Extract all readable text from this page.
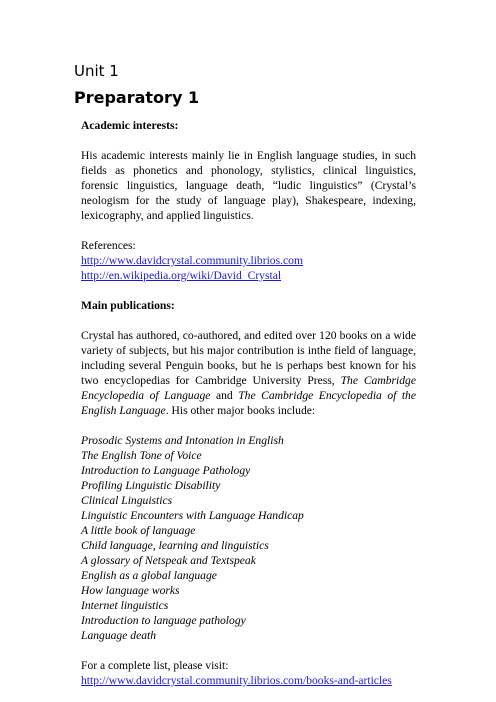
Unit 1
Preparatory 1
Academic interests:

His academic interests mainly lie in English language studies, in such fields as phonetics and phonology, stylistics, clinical linguistics, forensic linguistics, language death, “ludic linguistics” (Crystal’s neologism for the study of language play), Shakespeare, indexing, lexicography, and applied linguistics.

References:
http://www.davidcrystal.community.librios.com
http://en.wikipedia.org/wiki/David_Crystal
Main publications:

Crystal has authored, co-authored, and edited over 120 books on a wide variety of subjects, but his major contribution is inthe field of language, including several Penguin books, but he is perhaps best known for his two encyclopedias for Cambridge University Press, The Cambridge Encyclopedia of Language and The Cambridge Encyclopedia of the English Language. His other major books include:

Prosodic Systems and Intonation in English
The English Tone of Voice
Introduction to Language Pathology
Profiling Linguistic Disability
Clinical Linguistics
Linguistic Encounters with Language Handicap
A little book of language
Child language, learning and linguistics
A glossary of Netspeak and Textspeak
English as a global language
How language works
Internet linguistics
Introduction to language pathology
Language death
For a complete list, please visit:
http://www.davidcrystal.community.librios.com/books-and-articles
